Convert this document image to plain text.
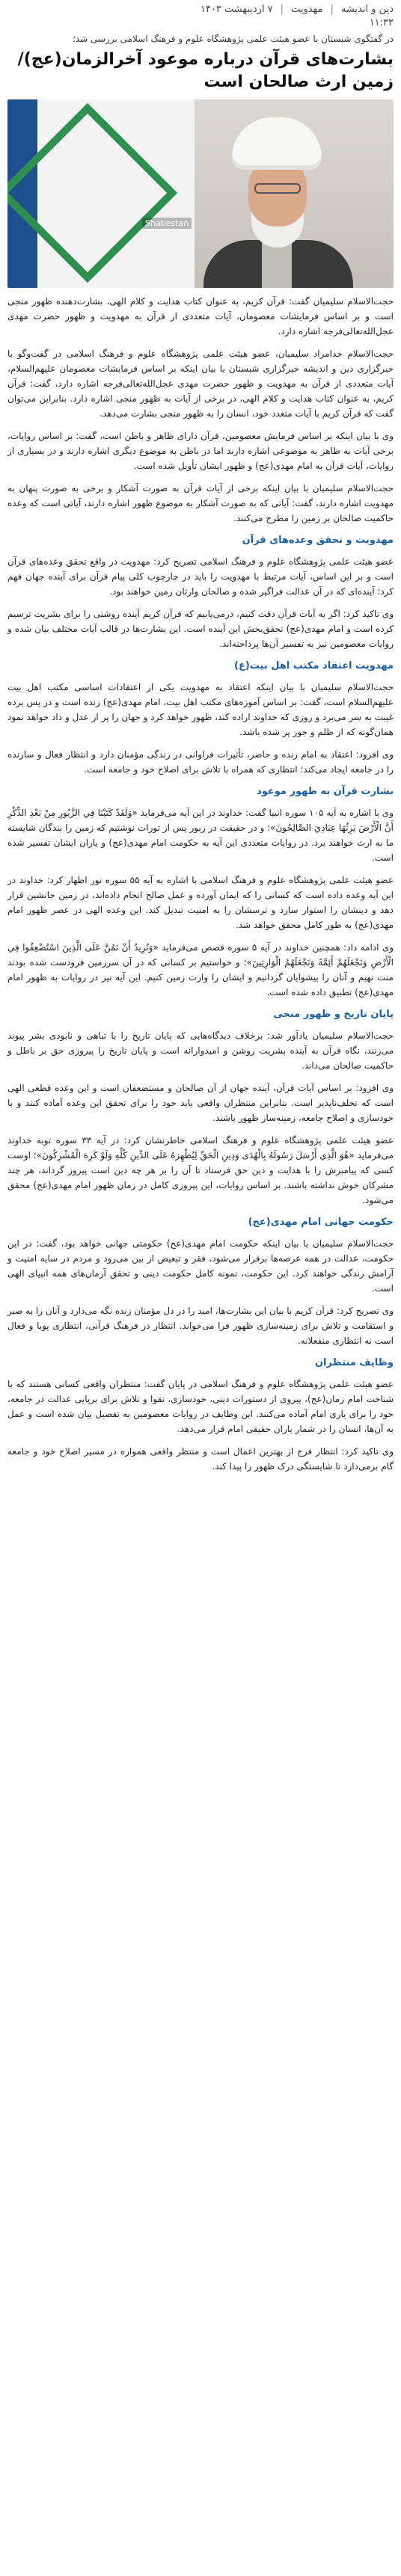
دین و اندیشه
|
مهدویت
|
۷ اردیبهشت ۱۴۰۳
۱۱:۳۳
در گفتگوی شبستان با عضو هیئت علمی پژوهشگاه علوم و فرهنگ اسلامی بررسی شد؛
بشارت‌های قرآن درباره موعود آخرالزمان(عج)/زمین ارث صالحان است
Shabestan

حجت‌الاسلام سلیمیان گفت: قرآن کریم، به عنوان کتاب هدایت و کلام الهی، بشارت‌دهنده ظهور منجی است و بر اساس فرمایشات معصومان، آیات متعددی از قرآن به مهدویت و ظهور حضرت مهدی عجل‌الله‌تعالی‌فرجه اشاره دارد.

حجت‌الاسلام خدامراد سلیمیان، عضو هیئت علمی پژوهشگاه علوم و فرهنگ اسلامی در گفت‌وگو با خبرگزاری دین و اندیشه خبرگزاری شبستان با بیان اینکه بر اساس فرمایشات معصومان علیهم‌السلام، آیات متعددی از قرآن به مهدویت و ظهور حضرت مهدی عجل‌الله‌تعالی‌فرجه اشاره دارد، گفت: قرآن کریم، به عنوان کتاب هدایت و کلام الهی، در برخی از آیات به ظهور منجی اشاره دارد. بنابراین می‌توان گفت که قرآن کریم با آیات متعدد خود، انسان را به ظهور منجی بشارت می‌دهد.

وی با بیان اینکه بر اساس فرمایش معصومین، قرآن دارای ظاهر و باطن است، گفت: بر اساس روایات، برخی آیات به ظاهر به موضوعی اشاره دارند اما در باطن به موضوع دیگری اشاره دارند و در بسیاری از روایات، آیات قرآن به امام مهدی(عج) و ظهور ایشان تأویل شده است.

حجت‌الاسلام سلیمیان با بیان اینکه برخی از آیات قرآن به صورت آشکار و برخی به صورت پنهان به مهدویت اشاره دارند، گفت: آیاتی که به صورت آشکار به موضوع ظهور اشاره دارند، آیاتی است که وعده حاکمیت صالحان بر زمین را مطرح می‌کنند.

مهدویت و تحقق وعده‌های قرآن

عضو هیئت علمی پژوهشگاه علوم و فرهنگ اسلامی تصریح کرد: مهدویت در واقع تحقق وعده‌های قرآن است و بر این اساس، آیات مرتبط با مهدویت را باید در چارچوب کلی پیام قرآن برای آینده جهان فهم کرد؛ آینده‌ای که در آن عدالت فراگیر شده و صالحان وارثان زمین خواهند بود.

وی تاکید کرد: اگر به آیات قرآن دقت کنیم، درمی‌یابیم که قرآن کریم آینده روشنی را برای بشریت ترسیم کرده است و امام مهدی(عج) تحقق‌بخش این آینده است. این بشارت‌ها در قالب آیات مختلف بیان شده و روایات معصومین نیز به تفسیر آن‌ها پرداخته‌اند.

مهدویت اعتقاد مکتب اهل بیت(ع)

حجت‌الاسلام سلیمیان با بیان اینکه اعتقاد به مهدویت یکی از اعتقادات اساسی مکتب اهل بیت علیهم‌السلام است، گفت: بر اساس آموزه‌های مکتب اهل بیت، امام مهدی(عج) زنده است و در پس پرده غیبت به سر می‌برد و روزی که خداوند اراده کند، ظهور خواهد کرد و جهان را پر از عدل و داد خواهد نمود همان‌گونه که از ظلم و جور پر شده باشد.

وی افزود: اعتقاد به امام زنده و حاضر، تأثیرات فراوانی در زندگی مؤمنان دارد و انتظار فعال و سازنده را در جامعه ایجاد می‌کند؛ انتظاری که همراه با تلاش برای اصلاح خود و جامعه است.

بشارت قرآن به ظهور موعود

وی با اشاره به آیه ۱۰۵ سوره انبیا گفت: خداوند در این آیه می‌فرماید «وَلَقَدْ كَتَبْنَا فِي الزَّبُورِ مِنْ بَعْدِ الذِّكْرِ أَنَّ الْأَرْضَ يَرِثُهَا عِبَادِيَ الصَّالِحُونَ»؛ و در حقیقت در زبور پس از تورات نوشتیم که زمین را بندگان شایسته ما به ارث خواهند برد. در روایات متعددی این آیه به حکومت امام مهدی(عج) و یاران ایشان تفسیر شده است.

عضو هیئت علمی پژوهشگاه علوم و فرهنگ اسلامی با اشاره به آیه ۵۵ سوره نور اظهار کرد: خداوند در این آیه وعده داده است که کسانی را که ایمان آورده و عمل صالح انجام داده‌اند، در زمین جانشین قرار دهد و دینشان را استوار سازد و ترسشان را به امنیت تبدیل کند. این وعده الهی در عصر ظهور امام مهدی(عج) به طور کامل محقق خواهد شد.

وی ادامه داد: همچنین خداوند در آیه ۵ سوره قصص می‌فرماید «وَنُرِيدُ أَنْ نَمُنَّ عَلَى الَّذِينَ اسْتُضْعِفُوا فِي الْأَرْضِ وَنَجْعَلَهُمْ أَئِمَّةً وَنَجْعَلَهُمُ الْوَارِثِينَ»؛ و خواستیم بر کسانی که در آن سرزمین فرودست شده بودند منت نهیم و آنان را پیشوایان گردانیم و ایشان را وارث زمین کنیم. این آیه نیز در روایات به ظهور امام مهدی(عج) تطبیق داده شده است.

پایان تاریخ و ظهور منجی

حجت‌الاسلام سلیمیان یادآور شد: برخلاف دیدگاه‌هایی که پایان تاریخ را با تباهی و نابودی بشر پیوند می‌زنند، نگاه قرآن به آینده بشریت روشن و امیدوارانه است و پایان تاریخ را پیروزی حق بر باطل و حاکمیت صالحان می‌داند.

وی افزود: بر اساس آیات قرآن، آینده جهان از آن صالحان و مستضعفان است و این وعده قطعی الهی است که تخلف‌ناپذیر است. بنابراین منتظران واقعی باید خود را برای تحقق این وعده آماده کنند و با خودسازی و اصلاح جامعه، زمینه‌ساز ظهور باشند.

عضو هیئت علمی پژوهشگاه علوم و فرهنگ اسلامی خاطرنشان کرد: در آیه ۳۳ سوره توبه خداوند می‌فرماید «هُوَ الَّذِي أَرْسَلَ رَسُولَهُ بِالْهُدَى وَدِينِ الْحَقِّ لِيُظْهِرَهُ عَلَى الدِّينِ كُلِّهِ وَلَوْ كَرِهَ الْمُشْرِكُونَ»؛ اوست کسی که پیامبرش را با هدایت و دین حق فرستاد تا آن را بر هر چه دین است پیروز گرداند، هر چند مشرکان خوش نداشته باشند. بر اساس روایات، این پیروزی کامل در زمان ظهور امام مهدی(عج) محقق می‌شود.

حکومت جهانی امام مهدی(عج)

حجت‌الاسلام سلیمیان با بیان اینکه حکومت امام مهدی(عج) حکومتی جهانی خواهد بود، گفت: در این حکومت، عدالت در همه عرصه‌ها برقرار می‌شود، فقر و تبعیض از بین می‌رود و مردم در سایه امنیت و آرامش زندگی خواهند کرد. این حکومت، نمونه کامل حکومت دینی و تحقق آرمان‌های همه انبیای الهی است.

وی تصریح کرد: قرآن کریم با بیان این بشارت‌ها، امید را در دل مؤمنان زنده نگه می‌دارد و آنان را به صبر و استقامت و تلاش برای زمینه‌سازی ظهور فرا می‌خواند. انتظار در فرهنگ قرآنی، انتظاری پویا و فعال است نه انتظاری منفعلانه.

وظایف منتظران

عضو هیئت علمی پژوهشگاه علوم و فرهنگ اسلامی در پایان گفت: منتظران واقعی کسانی هستند که با شناخت امام زمان(عج)، پیروی از دستورات دینی، خودسازی، تقوا و تلاش برای برپایی عدالت در جامعه، خود را برای یاری امام آماده می‌کنند. این وظایف در روایات معصومین به تفصیل بیان شده است و عمل به آن‌ها، انسان را در شمار یاران حقیقی امام قرار می‌دهد.

وی تاکید کرد: انتظار فرج از بهترین اعمال است و منتظر واقعی همواره در مسیر اصلاح خود و جامعه گام برمی‌دارد تا شایستگی درک ظهور را پیدا کند.
